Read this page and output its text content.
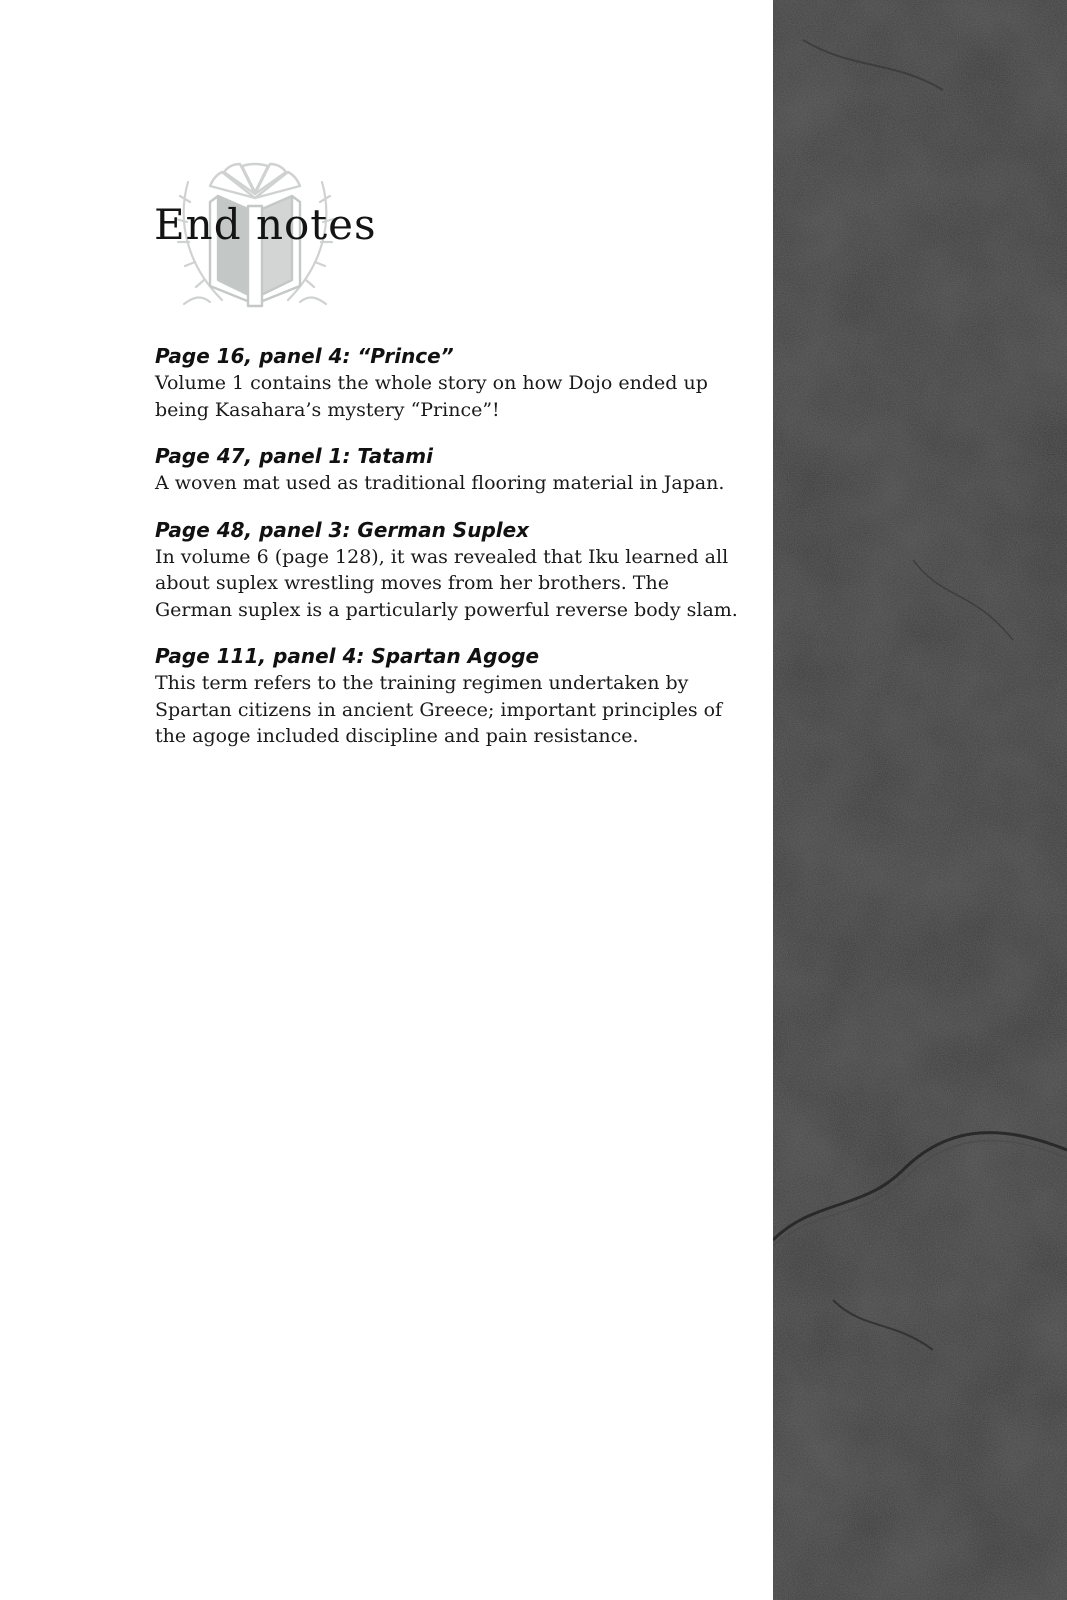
End notes
Page 16, panel 4: “Prince”
Volume 1 contains the whole story on how Dojo ended up being Kasahara’s mystery “Prince”!
Page 47, panel 1: Tatami
A woven mat used as traditional flooring material in Japan.
Page 48, panel 3: German Suplex
In volume 6 (page 128), it was revealed that Iku learned all about suplex wrestling moves from her brothers. The German suplex is a particularly powerful reverse body slam.
Page 111, panel 4: Spartan Agoge
This term refers to the training regimen undertaken by Spartan citizens in ancient Greece; important principles of the agoge included discipline and pain resistance.
